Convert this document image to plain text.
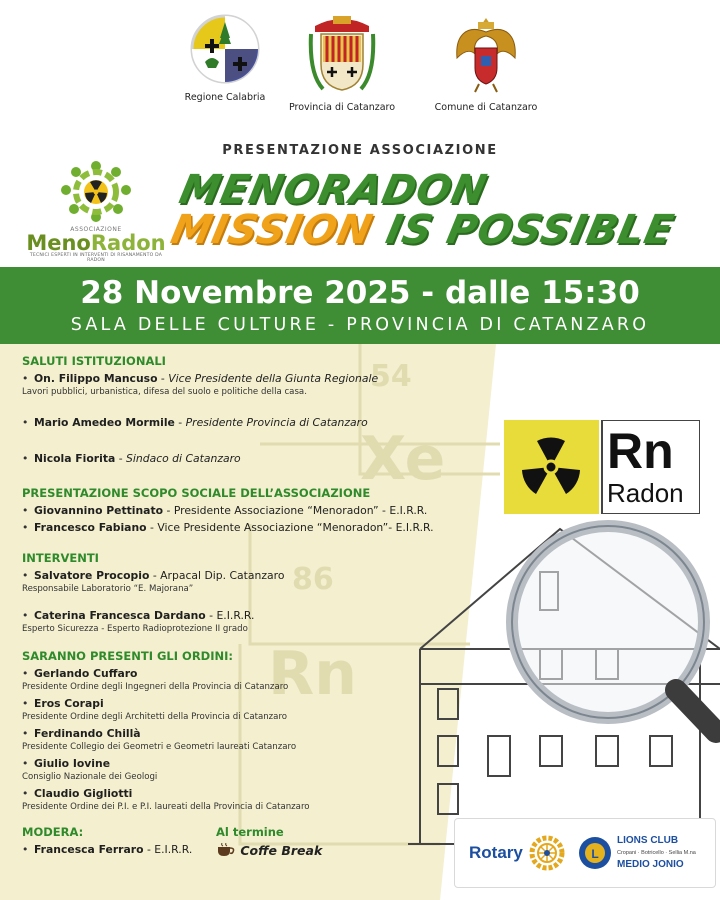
Regione Calabria
Provincia di Catanzaro	Comune di Catanzaro
PRESENTAZIONE ASSOCIAZIONE
ASSOCIAZIONE
MenoRadon
TECNICI ESPERTI IN INTERVENTI DI RISANAMENTO DA RADON
MENORADON
MISSION IS POSSIBLE
28 Novembre 2025 - dalle 15:30
SALA DELLE CULTURE - PROVINCIA DI CATANZARO
54
Xe
86
Rn
Rn
Radon
SALUTI ISTITUZIONALI
• On. Filippo Mancuso - Vice Presidente della Giunta Regionale
Lavori pubblici, urbanistica, difesa del suolo e politiche della casa.
• Mario Amedeo Mormile - Presidente Provincia di Catanzaro
• Nicola Fiorita - Sindaco di Catanzaro
PRESENTAZIONE SCOPO SOCIALE DELL’ASSOCIAZIONE
• Giovannino Pettinato - Presidente Associazione “Menoradon” - E.I.R.R.
• Francesco Fabiano - Vice Presidente Associazione “Menoradon”- E.I.R.R.
INTERVENTI
• Salvatore Procopio - Arpacal Dip. Catanzaro
Responsabile Laboratorio “E. Majorana”
• Caterina Francesca Dardano - E.I.R.R.
Esperto Sicurezza - Esperto Radioprotezione II grado
SARANNO PRESENTI GLI ORDINI:
• Gerlando Cuffaro
Presidente Ordine degli Ingegneri della Provincia di Catanzaro
• Eros Corapi
Presidente Ordine degli Architetti della Provincia di Catanzaro
• Ferdinando Chillà
Presidente Collegio dei Geometri e Geometri laureati Catanzaro
• Giulio Iovine
Consiglio Nazionale dei Geologi
• Claudio Gigliotti
Presidente Ordine dei P.I. e P.I. laureati della Provincia di Catanzaro
MODERA:
• Francesca Ferraro - E.I.R.R.
Al termine
Coffe Break	Rotary	L
LIONS CLUB
Cropani · Botricello · Sellia M.na
MEDIO JONIO
